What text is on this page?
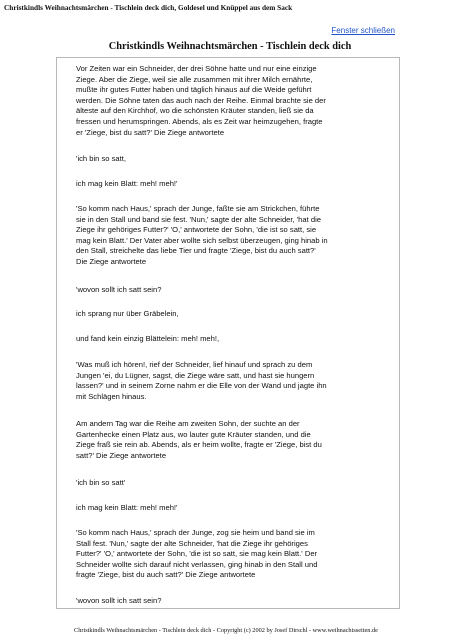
Christkindls Weihnachtsmärchen - Tischlein deck dich, Goldesel und Knüppel aus dem Sack
Fenster schließen
Christkindls Weihnachtsmärchen - Tischlein deck dich

Vor Zeiten war ein Schneider, der drei Söhne hatte und nur eine einzige
Ziege. Aber die Ziege, weil sie alle zusammen mit ihrer Milch ernährte,
mußte ihr gutes Futter haben und täglich hinaus auf die Weide geführt
werden. Die Söhne taten das auch nach der Reihe. Einmal brachte sie der
älteste auf den Kirchhof, wo die schönsten Kräuter standen, ließ sie da
fressen und herumspringen. Abends, als es Zeit war heimzugehen, fragte
er 'Ziege, bist du satt?' Die Ziege antwortete

'ich bin so satt,

ich mag kein Blatt: meh! meh!'

'So komm nach Haus,' sprach der Junge, faßte sie am Strickchen, führte
sie in den Stall und band sie fest. 'Nun,' sagte der alte Schneider, 'hat die
Ziege ihr gehöriges Futter?' 'O,' antwortete der Sohn, 'die ist so satt, sie
mag kein Blatt.' Der Vater aber wollte sich selbst überzeugen, ging hinab in
den Stall, streichelte das liebe Tier und fragte 'Ziege, bist du auch satt?'
Die Ziege antwortete

'wovon sollt ich satt sein?

ich sprang nur über Gräbelein,

und fand kein einzig Blättelein: meh! meh!,

'Was muß ich hören!, rief der Schneider, lief hinauf und sprach zu dem
Jungen 'ei, du Lügner, sagst, die Ziege wäre satt, und hast sie hungern
lassen?' und in seinem Zorne nahm er die Elle von der Wand und jagte ihn
mit Schlägen hinaus.

Am andern Tag war die Reihe am zweiten Sohn, der suchte an der
Gartenhecke einen Platz aus, wo lauter gute Kräuter standen, und die
Ziege fraß sie rein ab. Abends, als er heim wollte, fragte er 'Ziege, bist du
satt?' Die Ziege antwortete

'ich bin so satt'

ich mag kein Blatt: meh! meh!'

'So komm nach Haus,' sprach der Junge, zog sie heim und band sie im
Stall fest. 'Nun,' sagte der alte Schneider, 'hat die Ziege ihr gehöriges
Futter?' 'O,' antwortete der Sohn, 'die ist so satt, sie mag kein Blatt.' Der
Schneider wollte sich darauf nicht verlassen, ging hinab in den Stall und
fragte 'Ziege, bist du auch satt?' Die Ziege antwortete

'wovon sollt ich satt sein?

Christkindls Weihnachtsmärchen - Tischlein deck dich - Copyright (c) 2002 by Josef Dirschl - www.weihnachtsseiten.de
